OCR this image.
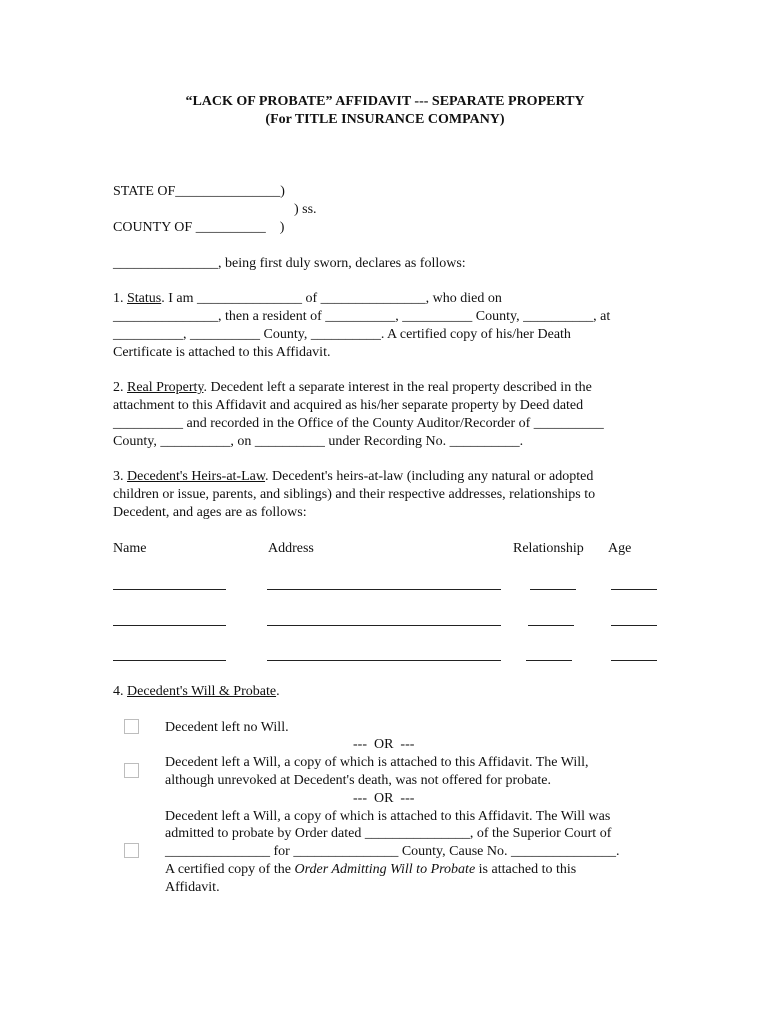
“LACK OF PROBATE” AFFIDAVIT --- SEPARATE PROPERTY
(For TITLE INSURANCE COMPANY)
STATE OF_______________)
) ss.
COUNTY OF __________    )
_______________, being first duly sworn, declares as follows:
1. Status. I am _______________ of _______________, who died on
_______________, then a resident of __________, __________ County, __________, at
__________, __________ County, __________. A certified copy of his/her Death
Certificate is attached to this Affidavit.
2. Real Property. Decedent left a separate interest in the real property described in the
attachment to this Affidavit and acquired as his/her separate property by Deed dated
__________ and recorded in the Office of the County Auditor/Recorder of __________
County, __________, on __________ under Recording No. __________.
3. Decedent's Heirs-at-Law. Decedent's heirs-at-law (including any natural or adopted
children or issue, parents, and siblings) and their respective addresses, relationships to
Decedent, and ages are as follows:
Name	Address	Relationship Age
4. Decedent's Will & Probate.
Decedent left no Will.
---  OR  ---
Decedent left a Will, a copy of which is attached to this Affidavit. The Will,
although unrevoked at Decedent's death, was not offered for probate.
---  OR  ---
Decedent left a Will, a copy of which is attached to this Affidavit. The Will was
admitted to probate by Order dated _______________, of the Superior Court of
_______________ for _______________ County, Cause No. _______________.
A certified copy of the Order Admitting Will to Probate is attached to this
Affidavit.
